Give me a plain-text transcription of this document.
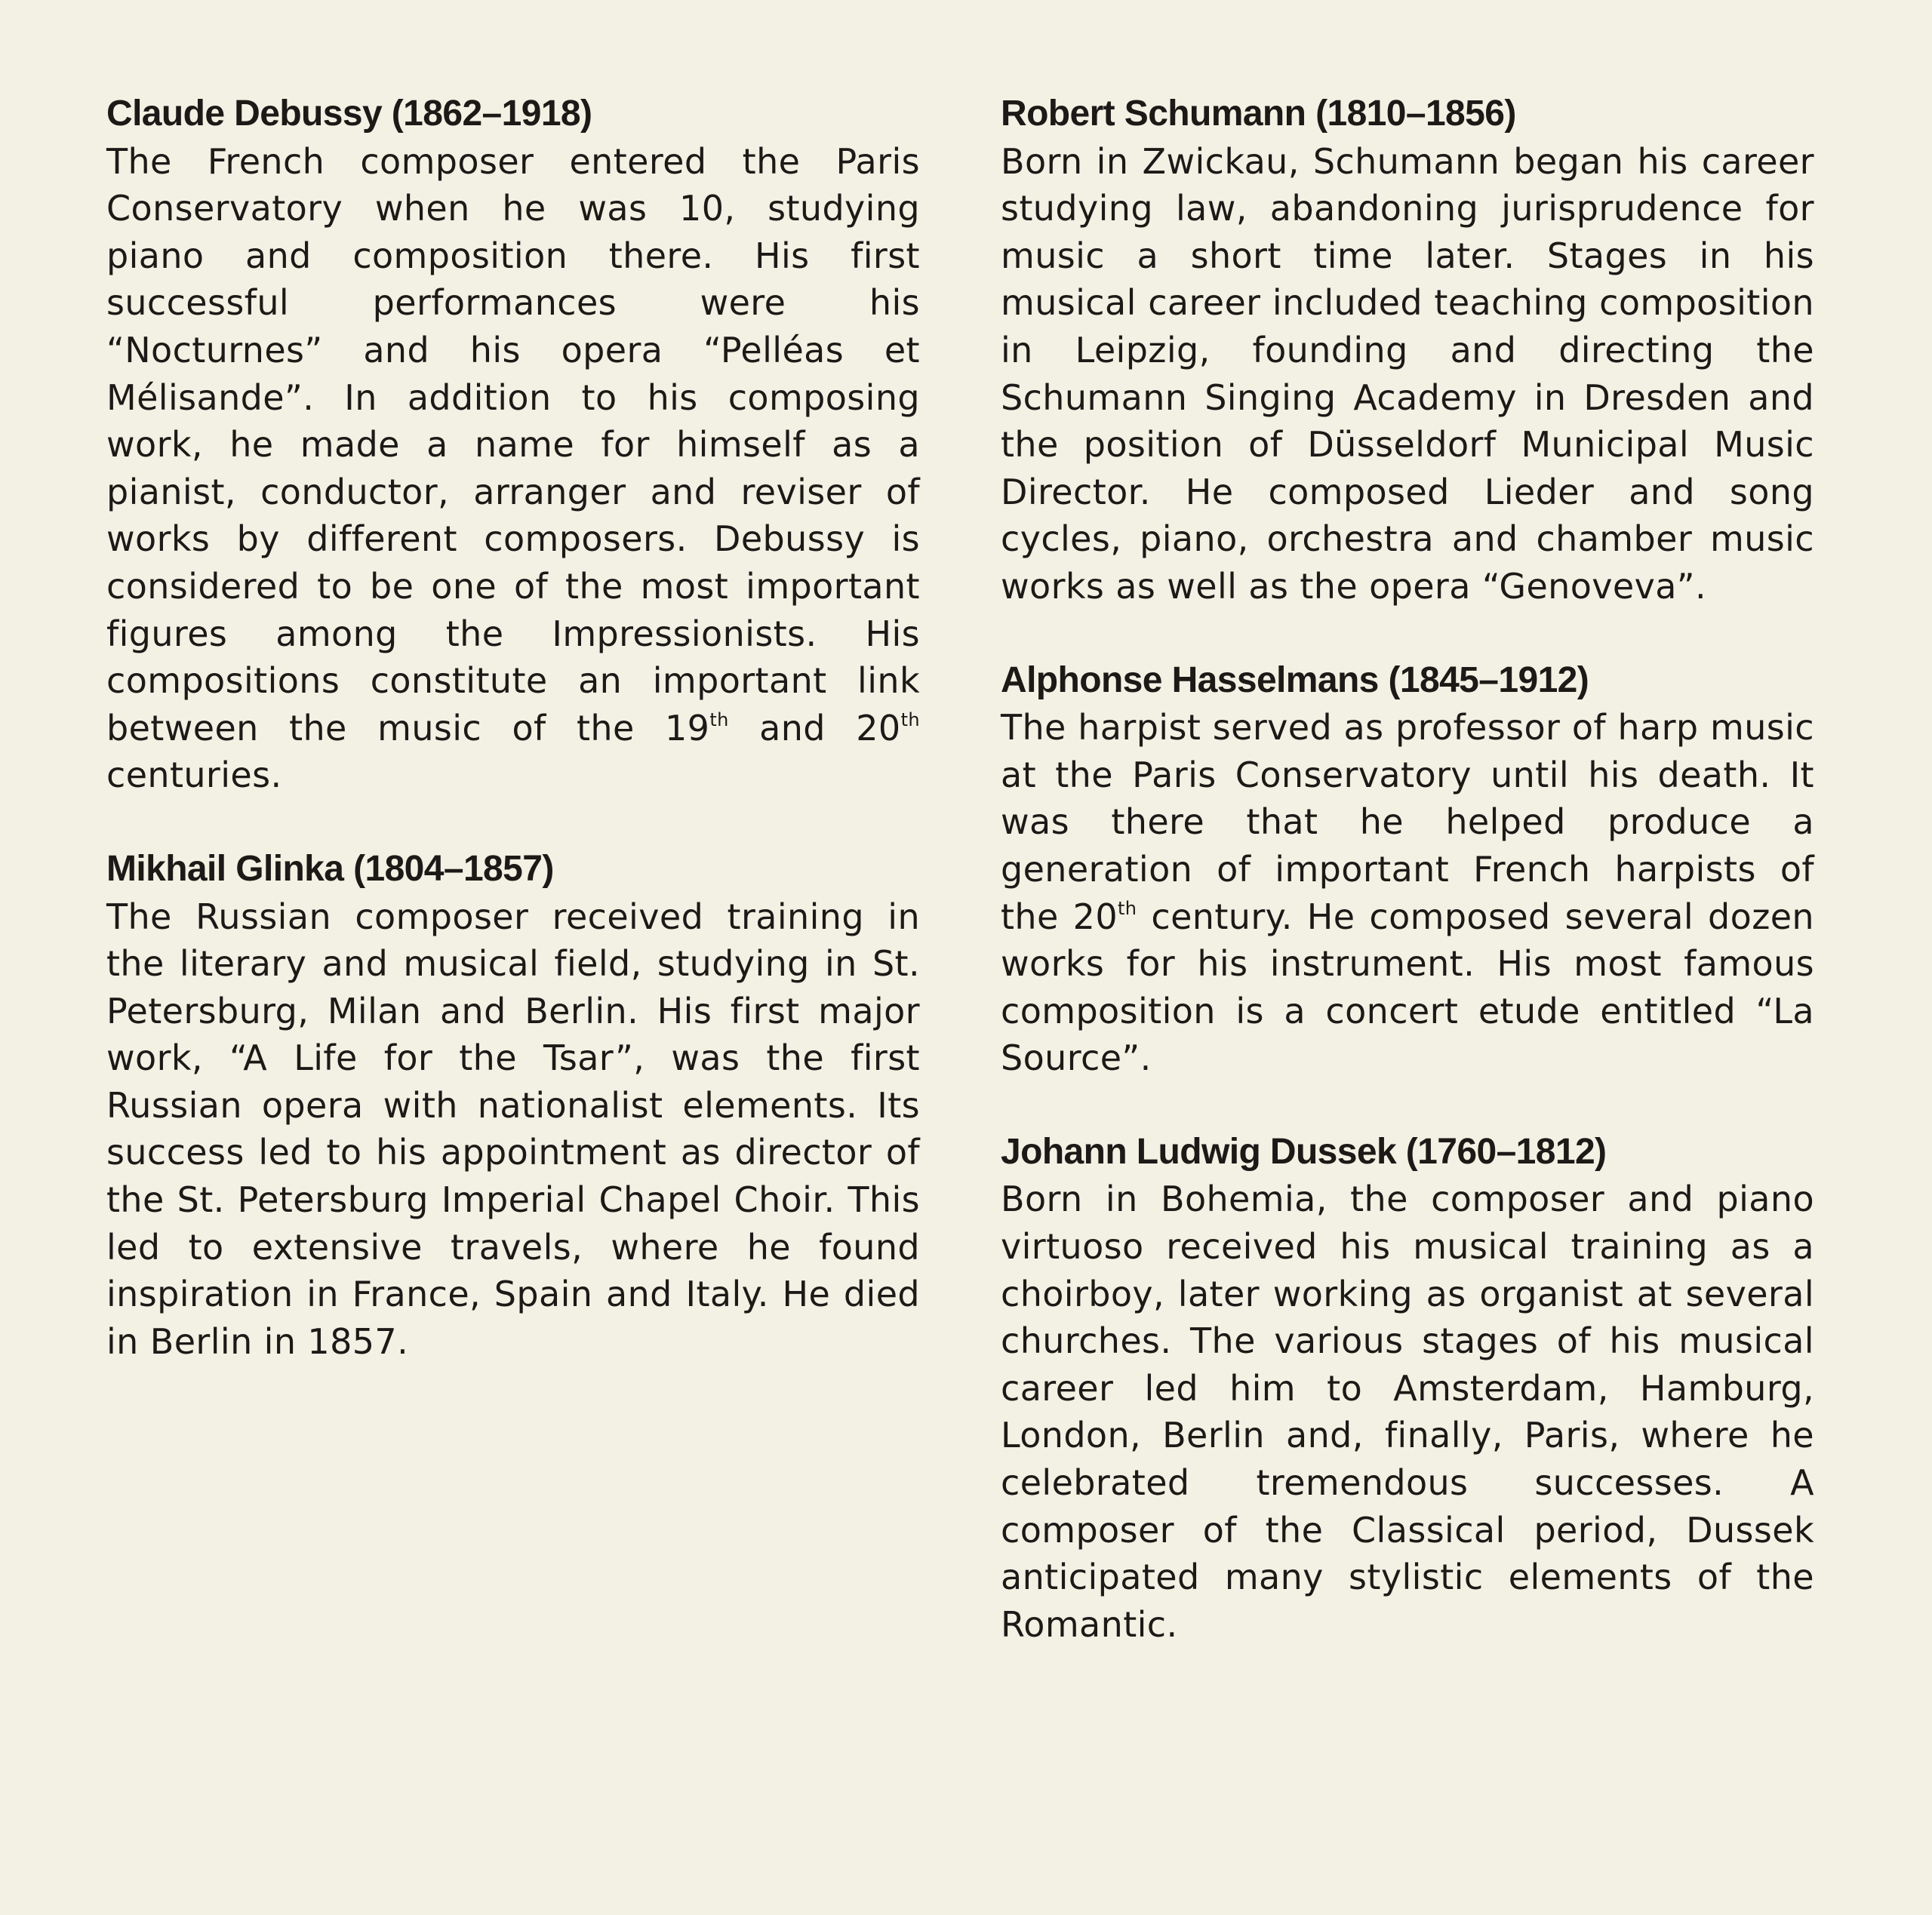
Claude Debussy (1862–1918)

The French composer entered the Paris Conservatory when he was 10, studying piano and composition there. His first successful performances were his “Nocturnes” and his opera “Pelléas et Mélisande”. In addition to his composing work, he made a name for himself as a pianist, conductor, arranger and reviser of works by different composers. Debussy is considered to be one of the most important figures among the Impressionists. His compositions constitute an important link between the music of the 19th and 20th centuries.

Mikhail Glinka (1804–1857)

The Russian composer received training in the literary and musical field, studying in St. Petersburg, Milan and Berlin. His first major work, “A Life for the Tsar”, was the first Russian opera with nationalist elements. Its success led to his appointment as director of the St. Petersburg Imperial Chapel Choir. This led to extensive travels, where he found inspiration in France, Spain and Italy. He died in Berlin in 1857.

Robert Schumann (1810–1856)

Born in Zwickau, Schumann began his career studying law, abandoning jurisprudence for music a short time later. Stages in his musical career included teaching composition in Leipzig, founding and directing the Schumann Singing Academy in Dresden and the position of Düsseldorf Municipal Music Director. He composed Lieder and song cycles, piano, orchestra and chamber music works as well as the opera “Genoveva”.

Alphonse Hasselmans (1845–1912)

The harpist served as professor of harp music at the Paris Conservatory until his death. It was there that he helped produce a generation of important French harpists of the 20th century. He composed several dozen works for his instrument. His most famous composition is a concert etude entitled “La Source”.

Johann Ludwig Dussek (1760–1812)

Born in Bohemia, the composer and piano virtuoso received his musical training as a choirboy, later working as organist at several churches. The various stages of his musical career led him to Amsterdam, Hamburg, London, Berlin and, finally, Paris, where he celebrated tremendous successes. A composer of the Classical period, Dussek anticipated many stylistic elements of the Romantic.
